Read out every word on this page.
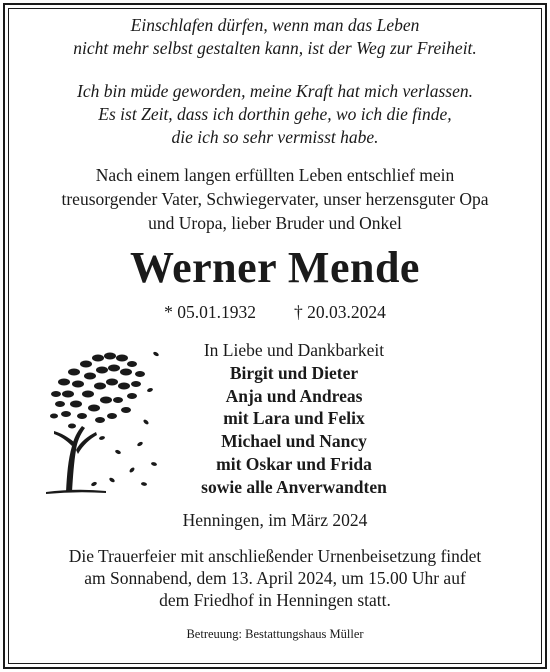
Einschlafen dürfen, wenn man das Leben
nicht mehr selbst gestalten kann, ist der Weg zur Freiheit.
Ich bin müde geworden, meine Kraft hat mich verlassen.
Es ist Zeit, dass ich dorthin gehe, wo ich die finde,
die ich so sehr vermisst habe.
Nach einem langen erfüllten Leben entschlief mein
treusorgender Vater, Schwiegervater, unser herzensguter Opa
und Uropa, lieber Bruder und Onkel
Werner Mende
* 05.01.1932 † 20.03.2024
In Liebe und Dankbarkeit
Birgit und Dieter
Anja und Andreas
mit Lara und Felix
Michael und Nancy
mit Oskar und Frida
sowie alle Anverwandten
Henningen, im März 2024
Die Trauerfeier mit anschließender Urnenbeisetzung findet
am Sonnabend, dem 13. April 2024, um 15.00 Uhr auf
dem Friedhof in Henningen statt.
Betreuung: Bestattungshaus Müller
